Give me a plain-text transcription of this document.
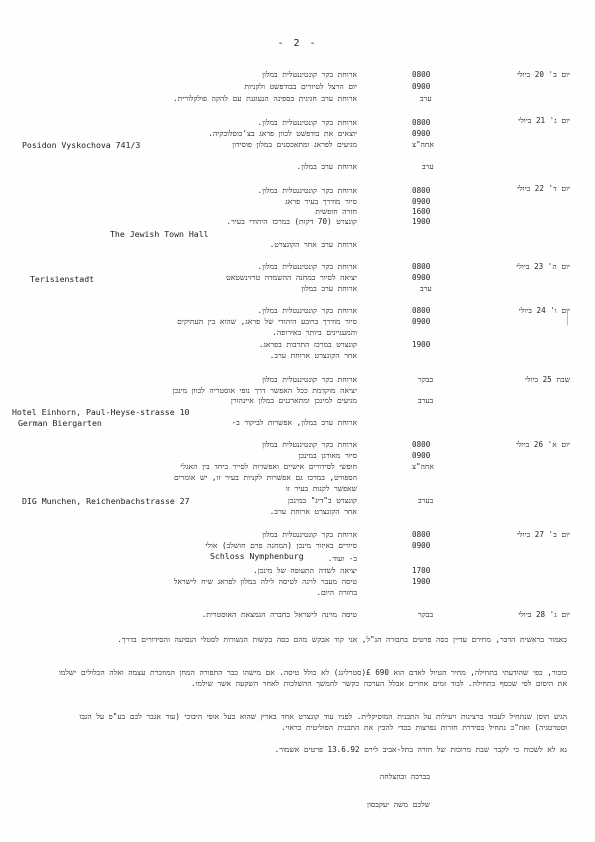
- 2 -
יום ב' 20 ביולי
0800
0900
ערב
ארוחת בקר קונטיננטלית במלון
יום הרצל לטיורים בבודפשט ולקניות
ארוחת ערב חגיגית בספינה הנעוגנת עם להקה פולקלורית.
יום ג' 21 ביולי
0800
0900
אחה"צ
ערב
ארוחת בקר קונטיננטלית במלון.
יוצאים את בודפשט לכוון פראג בצ'כוסלובקיה.
מגיעים לפראג ומתאכסנים במלון פוסידון
Posidon Vyskochova 741/3
ארוחת ערב במלון.
יום ד' 22 ביולי
0800
0900
1600
1900
ארוחת בקר קונטיננטלית במלון.
סיור מודרך בעיר פראג
חזרה חופשית
קונצרט (70 דקות) במרכז היהודי בעיר.
The Jewish Town Hall
ארוחת ערב אחר הקונצרט.
יום ה' 23 ביולי
0800
0900
ערב
ארוחת בקר קונטיננטלית במלון.
יציאה לסיור במחנה ההשמדה טרזינשטאט
Terisienstadt
ארוחת ערב במלון
יום ו' 24 ביולי
0800
0900
1900
ארוחת בקר קונטיננטלית במלון.
סיור מודרך ברובע היהודי של פראג, שהוא בין העתיקים
והמעניינים ביותר באירופה.
קונצרט במרכז התרבות בפראג.
אחר הקונצרט ארוחת ערב.
שבת 25 ביולי
בבקר
בערב
ארוחת בקר קונטיננטלית במלון
יציאה מוקדמת ככל האפשר דרך נופי אוסטריה לכוון מינכן
מגיעים למינכן ומתארגנים במלון איינהורן
Hotel Einhorn, Paul-Heyse-strasse 10
ארוחת ערב במלון, אפשרות לביקור ב-
German Biergarten
יום א' 26 ביולי
0800
0900
אחה"צ
בערב
ארוחת בקר קונטיננטלית במלון
סיור מאורגן במינכן
חופשי לסידורים אישיים ואפשרות לסייר ביחד בין האגלי
הספורט, במרכז גם אפשרות לקניות בעיר זו, יש אומרים
שאפשר לקנות בעיר זו
קונצרט ב"דיג" במינכן
DIG Munchen, Reichenbachstrasse 27
אחר הקונצרט ארוחת ערב.
יום ב' 27 ביולי
0800
0900
1700
1900
ארוחת בקר קונטיננטלית במלון
סיורים באיזור מינכן (המחנה פרם חושלב) אולי
ב- ועוד.
Schloss Nymphenburg
יציאה לשדה התעופה של מינכן.
טיסה מעבר לוינה לטיסה לילה במלון לפראג שיח לישראל
בחזרה היום.
יום ג' 28 ביולי
בבקר
טיסה מוינה לישראל בחברה הנמצאת האוסטרית.
כאמור בראשית הדבר, מחירם עדיין כסה פרטים בחבורה הנ"ל, אני קוד אבקש מהם כסה בקשות הנשורות לסטלי הנסיעה והסידורים בדרך.
כזכור, כפי שהודעתי בתחילה, מחיר הטיול לאדם הוא 690 £(סטרלינג) לא כולל טיסה. אם מישהו כבר התפורה המחן המוזכרת עצמה ואלה הכלולים ישלמו את היסום לפי שכסף בתחילה. לבוד זמים אחרים אבלל הערכה כקשר להמשך ההשלכות לאחר השקעה אשר שילמו.
הגיע הוסן שנתחיל לעבוד ברצינות ויעילות על התכנית המוסיקלית. לפניו עוד קונצרט אחד בארץ שהוא בעל אופי היבוכי (עוד אגבר לכם בע"פ על הגבו וסטרטגיה) ואח"כ נתחיל בסידרת חזרות נפרצות בכדי להכין את התכנית הפוליטית כראוי.
נא לא לשכוח כי לקבר שבת מרוכזת של חזרה בתל-אביב לירם 13.6.92 פרטים אשמור.
בברכה ובהצלחה
שלכם משה יעקבסון
